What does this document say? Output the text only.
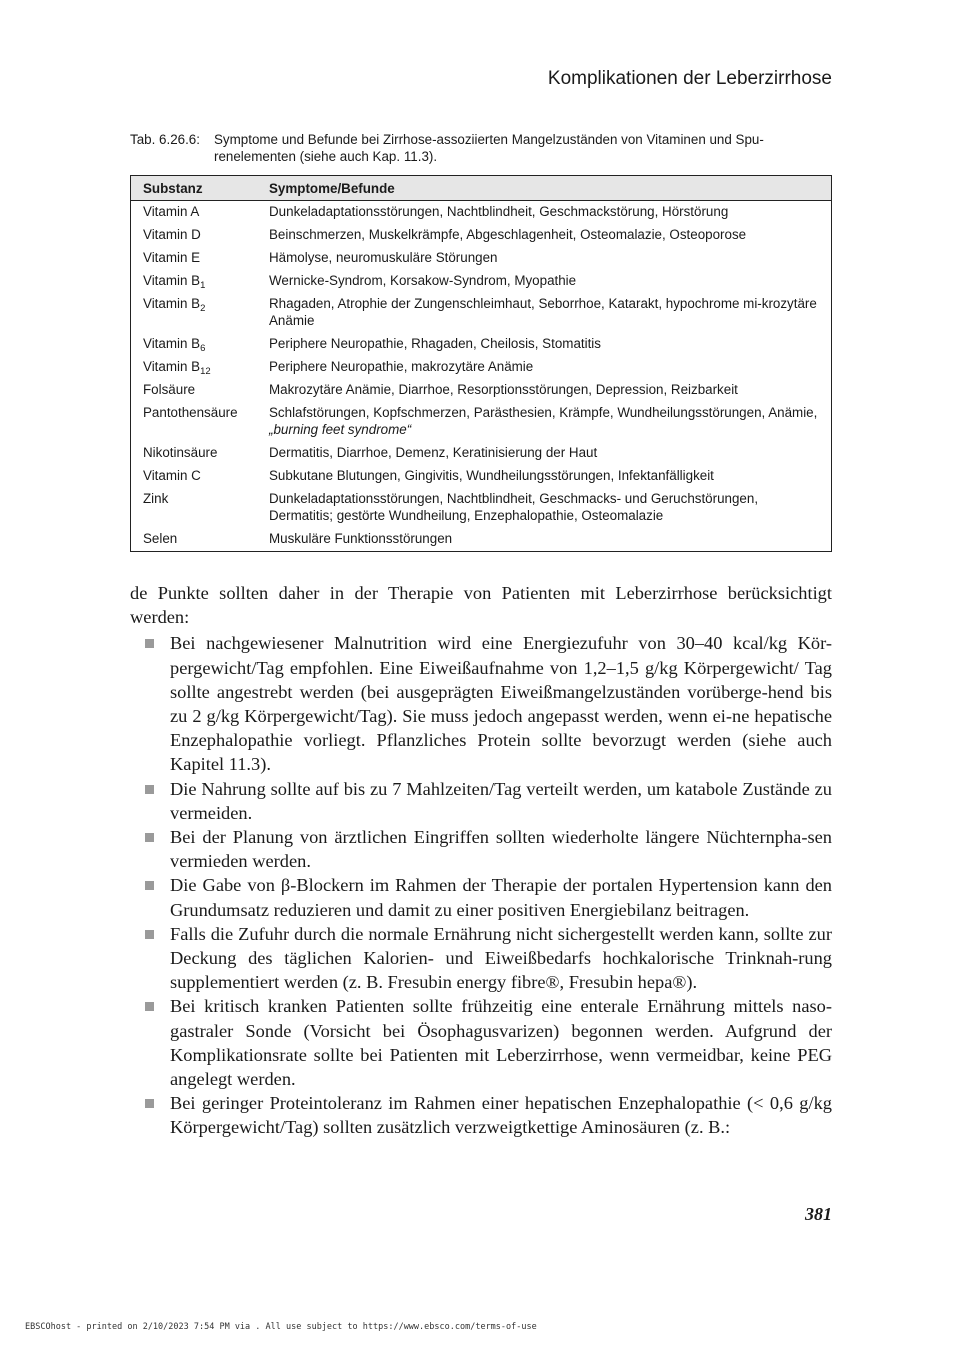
Komplikationen der Leberzirrhose
Tab. 6.26.6: Symptome und Befunde bei Zirrhose-assoziierten Mangelzuständen von Vitaminen und Spu-renelementen (siehe auch Kap. 11.3).
Substanz	Symptome/Befunde
Vitamin A	Dunkeladaptationsstörungen, Nachtblindheit, Geschmackstörung, Hörstörung
Vitamin D	Beinschmerzen, Muskelkrämpfe, Abgeschlagenheit, Osteomalazie, Osteoporose
Vitamin E	Hämolyse, neuromuskuläre Störungen
Vitamin $B_1$	Wernicke-Syndrom, Korsakow-Syndrom, Myopathie
Vitamin $B_2$	Rhagaden, Atrophie der Zungenschleimhaut, Seborrhoe, Katarakt, hypochrome mi-krozytäre Anämie
Vitamin $B_6$	Periphere Neuropathie, Rhagaden, Cheilosis, Stomatitis
Vitamin $B_{12}$	Periphere Neuropathie, makrozytäre Anämie
Folsäure	Makrozytäre Anämie, Diarrhoe, Resorptionsstörungen, Depression, Reizbarkeit
Pantothensäure	Schlafstörungen, Kopfschmerzen, Parästhesien, Krämpfe, Wundheilungsstörungen, Anämie, „burning feet syndrome“
Nikotinsäure	Dermatitis, Diarrhoe, Demenz, Keratinisierung der Haut
Vitamin C	Subkutane Blutungen, Gingivitis, Wundheilungsstörungen, Infektanfälligkeit
Zink	Dunkeladaptationsstörungen, Nachtblindheit, Geschmacks- und Geruchstörungen, Dermatitis; gestörte Wundheilung, Enzephalopathie, Osteomalazie
Selen	Muskuläre Funktionsstörungen

de Punkte sollten daher in der Therapie von Patienten mit Leberzirrhose berücksichtigt werden:

Bei nachgewiesener Malnutrition wird eine Energiezufuhr von 30–40 kcal/kg Kör-pergewicht/Tag empfohlen. Eine Eiweißaufnahme von 1,2–1,5 g/kg Körpergewicht/ Tag sollte angestrebt werden (bei ausgeprägten Eiweißmangelzuständen vorüberge-hend bis zu 2 g/kg Körpergewicht/Tag). Sie muss jedoch angepasst werden, wenn ei-ne hepatische Enzephalopathie vorliegt. Pflanzliches Protein sollte bevorzugt werden (siehe auch Kapitel 11.3).
Die Nahrung sollte auf bis zu 7 Mahlzeiten/Tag verteilt werden, um katabole Zustände zu vermeiden.
Bei der Planung von ärztlichen Eingriffen sollten wiederholte längere Nüchternpha-sen vermieden werden.
Die Gabe von β-Blockern im Rahmen der Therapie der portalen Hypertension kann den Grundumsatz reduzieren und damit zu einer positiven Energiebilanz beitragen.
Falls die Zufuhr durch die normale Ernährung nicht sichergestellt werden kann, sollte zur Deckung des täglichen Kalorien- und Eiweißbedarfs hochkalorische Trinknah-rung supplementiert werden (z. B. Fresubin energy fibre®, Fresubin hepa®).
Bei kritisch kranken Patienten sollte frühzeitig eine enterale Ernährung mittels naso-gastraler Sonde (Vorsicht bei Ösophagusvarizen) begonnen werden. Aufgrund der Komplikationsrate sollte bei Patienten mit Leberzirrhose, wenn vermeidbar, keine PEG angelegt werden.
Bei geringer Proteintoleranz im Rahmen einer hepatischen Enzephalopathie (< 0,6 g/kg Körpergewicht/Tag) sollten zusätzlich verzweigtkettige Aminosäuren (z. B.:
381
EBSCOhost - printed on 2/10/2023 7:54 PM via . All use subject to https://www.ebsco.com/terms-of-use
